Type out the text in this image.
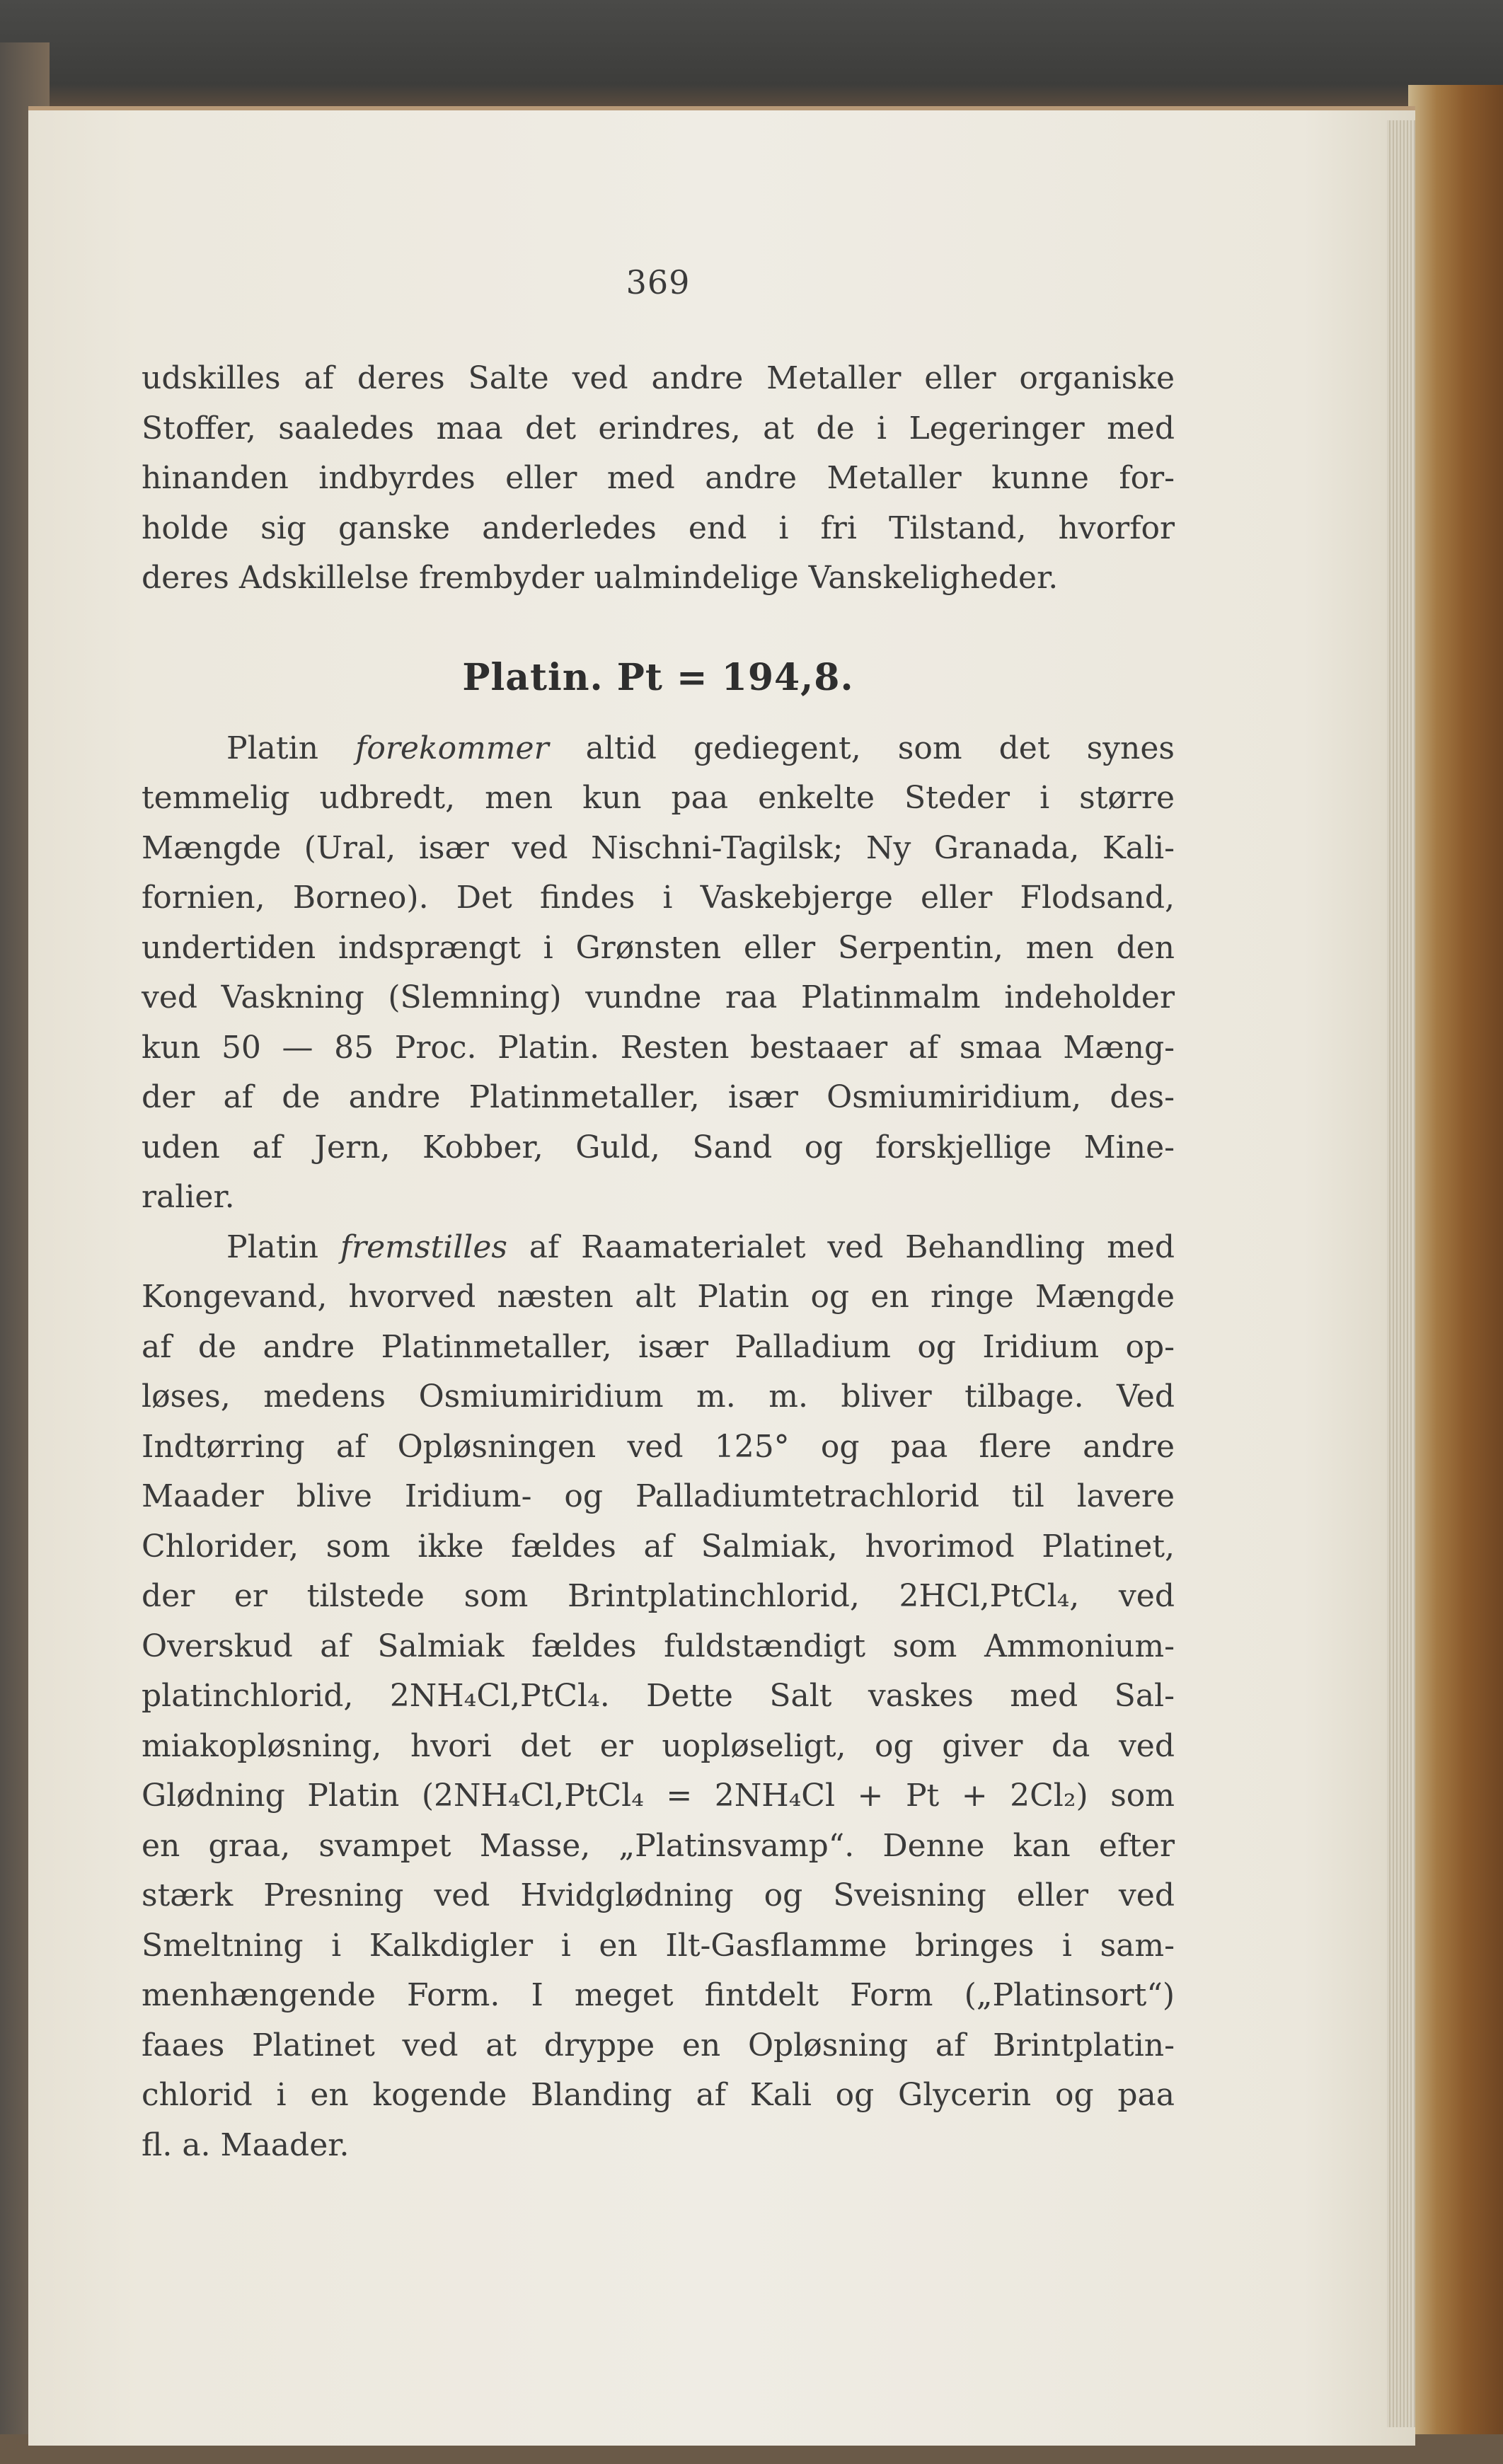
369
udskilles af deres Salte ved andre Metaller eller organiske
Stoffer, saaledes maa det erindres, at de i Legeringer med
hinanden indbyrdes eller med andre Metaller kunne for-
holde sig ganske anderledes end i fri Tilstand, hvorfor
deres Adskillelse frembyder ualmindelige Vanskeligheder.
Platin. Pt = 194,8.
Platin forekommer altid gediegent, som det synes
temmelig udbredt, men kun paa enkelte Steder i større
Mængde (Ural, især ved Nischni-Tagilsk; Ny Granada, Kali-
fornien, Borneo). Det findes i Vaskebjerge eller Flodsand,
undertiden indsprængt i Grønsten eller Serpentin, men den
ved Vaskning (Slemning) vundne raa Platinmalm indeholder
kun 50 — 85 Proc. Platin. Resten bestaaer af smaa Mæng-
der af de andre Platinmetaller, især Osmiumiridium, des-
uden af Jern, Kobber, Guld, Sand og forskjellige Mine-
ralier.
Platin fremstilles af Raamaterialet ved Behandling med
Kongevand, hvorved næsten alt Platin og en ringe Mængde
af de andre Platinmetaller, især Palladium og Iridium op-
løses, medens Osmiumiridium m. m. bliver tilbage. Ved
Indtørring af Opløsningen ved 125° og paa flere andre
Maader blive Iridium- og Palladiumtetrachlorid til lavere
Chlorider, som ikke fældes af Salmiak, hvorimod Platinet,
der er tilstede som Brintplatinchlorid, 2HCl,PtCl₄, ved
Overskud af Salmiak fældes fuldstændigt som Ammonium-
platinchlorid, 2NH₄Cl,PtCl₄. Dette Salt vaskes med Sal-
miakopløsning, hvori det er uopløseligt, og giver da ved
Glødning Platin (2NH₄Cl,PtCl₄ = 2NH₄Cl + Pt + 2Cl₂) som
en graa, svampet Masse, „Platinsvamp“. Denne kan efter
stærk Presning ved Hvidglødning og Sveisning eller ved
Smeltning i Kalkdigler i en Ilt-Gasflamme bringes i sam-
menhængende Form. I meget fintdelt Form („Platinsort“)
faaes Platinet ved at dryppe en Opløsning af Brintplatin-
chlorid i en kogende Blanding af Kali og Glycerin og paa
fl. a. Maader.
